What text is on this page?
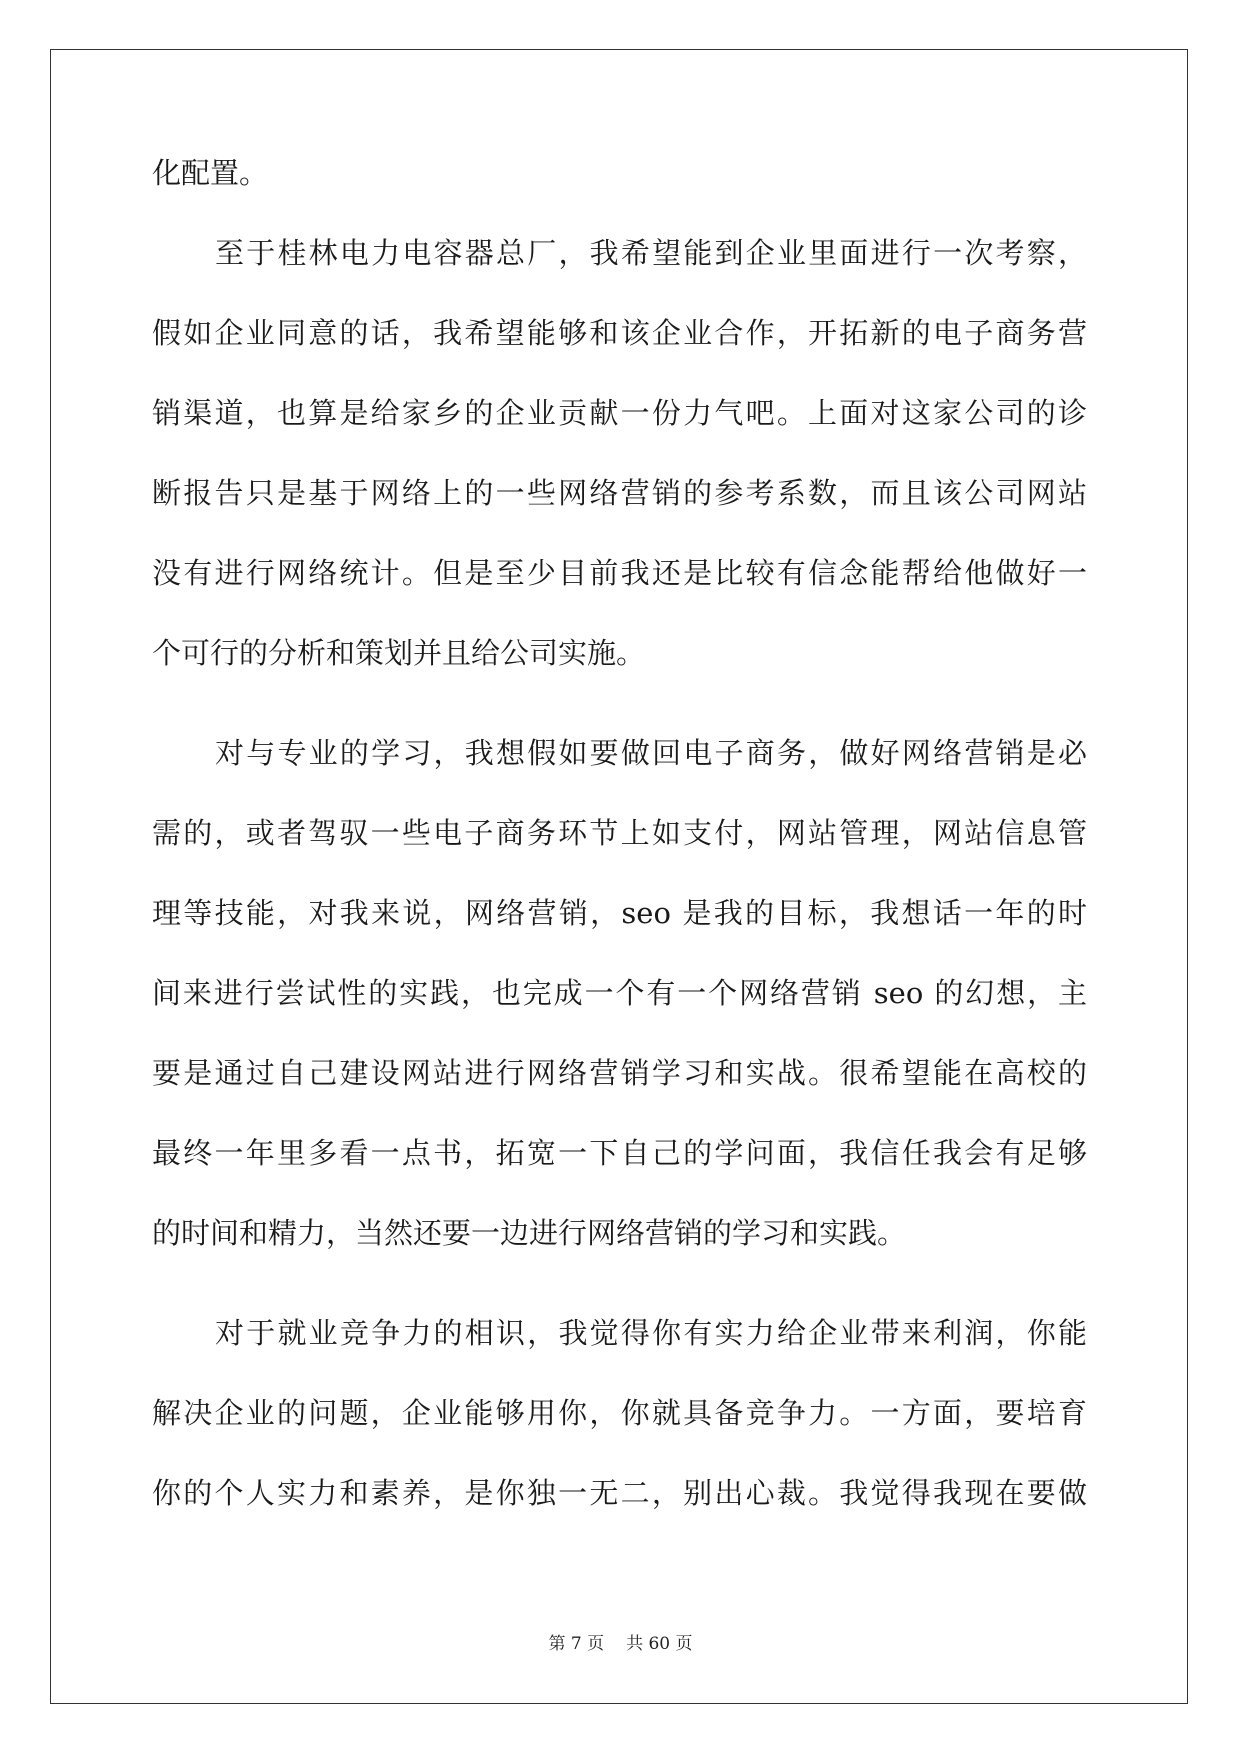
化配置。

至于桂林电力电容器总厂，我希望能到企业里面进行一次考察，

假如企业同意的话，我希望能够和该企业合作，开拓新的电子商务营

销渠道，也算是给家乡的企业贡献一份力气吧。上面对这家公司的诊

断报告只是基于网络上的一些网络营销的参考系数，而且该公司网站

没有进行网络统计。但是至少目前我还是比较有信念能帮给他做好一

个可行的分析和策划并且给公司实施。

对与专业的学习，我想假如要做回电子商务，做好网络营销是必

需的，或者驾驭一些电子商务环节上如支付，网站管理，网站信息管

理等技能，对我来说，网络营销，seo 是我的目标，我想话一年的时

间来进行尝试性的实践，也完成一个有一个网络营销 seo 的幻想，主

要是通过自己建设网站进行网络营销学习和实战。很希望能在高校的

最终一年里多看一点书，拓宽一下自己的学问面，我信任我会有足够

的时间和精力，当然还要一边进行网络营销的学习和实践。

对于就业竞争力的相识，我觉得你有实力给企业带来利润，你能

解决企业的问题，企业能够用你，你就具备竞争力。一方面，要培育

你的个人实力和素养，是你独一无二，别出心裁。我觉得我现在要做

第 7 页 共 60 页
